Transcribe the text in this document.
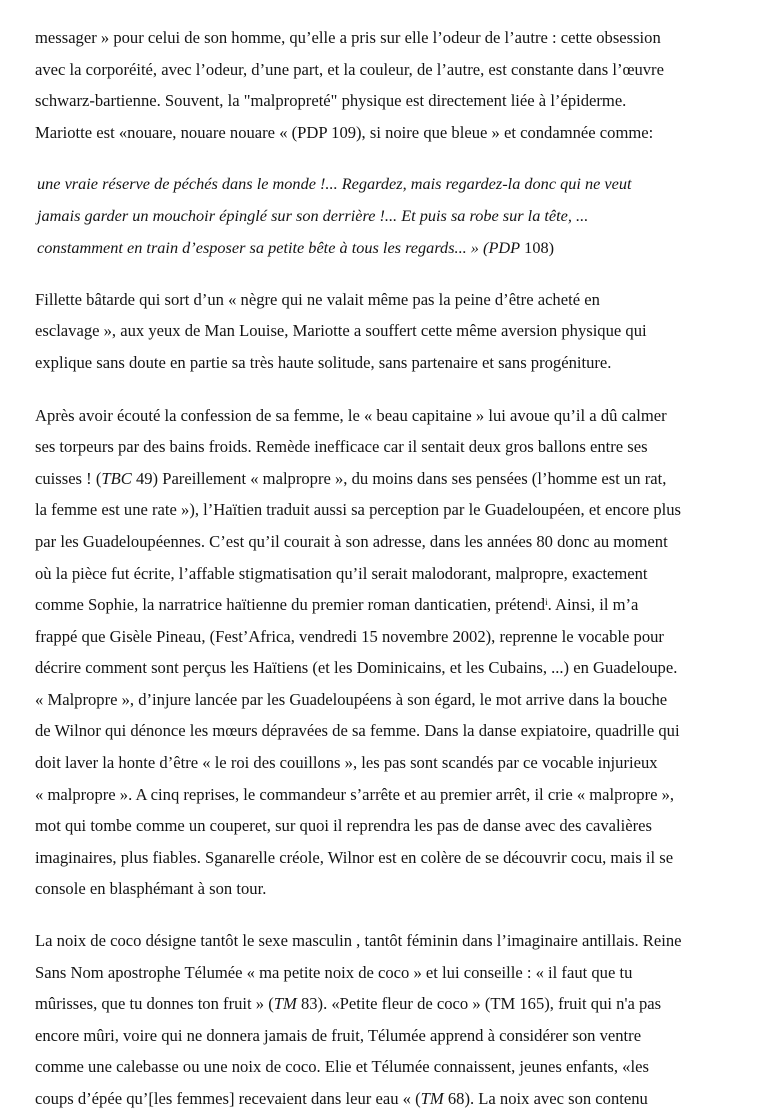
messager » pour celui de son homme, qu’elle a pris sur elle l’odeur de l’autre : cette obsession
avec la corporéité, avec l’odeur, d’une part, et la couleur, de l’autre, est constante dans l’œuvre
schwarz-bartienne. Souvent, la "malpropreté" physique est directement liée à l’épiderme.
Mariotte est «nouare, nouare nouare « (PDP 109), si noire que bleue » et condamnée comme:

une vraie réserve de péchés dans le monde !... Regardez, mais regardez-la donc qui ne veut
jamais garder un mouchoir épinglé sur son derrière !... Et puis sa robe sur la tête, ...
constamment en train d’esposer sa petite bête à tous les regards... » (PDP 108)

Fillette bâtarde qui sort d’un « nègre qui ne valait même pas la peine d’être acheté en
esclavage », aux yeux de Man Louise, Mariotte a souffert cette même aversion physique qui
explique sans doute en partie sa très haute solitude, sans partenaire et sans progéniture.

Après avoir écouté la confession de sa femme, le « beau capitaine » lui avoue qu’il a dû calmer
ses torpeurs par des bains froids. Remède inefficace car il sentait deux gros ballons entre ses
cuisses ! (TBC 49) Pareillement « malpropre », du moins dans ses pensées (l’homme est un rat,
la femme est une rate »), l’Haïtien traduit aussi sa perception par le Guadeloupéen, et encore plus
par les Guadeloupéennes. C’est qu’il courait à son adresse, dans les années 80 donc au moment
où la pièce fut écrite, l’affable stigmatisation qu’il serait malodorant, malpropre, exactement
comme Sophie, la narratrice haïtienne du premier roman danticatien, prétend$^i$. Ainsi, il m’a
frappé que Gisèle Pineau, (Fest’Africa, vendredi 15 novembre 2002), reprenne le vocable pour
décrire comment sont perçus les Haïtiens (et les Dominicains, et les Cubains, ...) en Guadeloupe.
« Malpropre », d’injure lancée par les Guadeloupéens à son égard, le mot arrive dans la bouche
de Wilnor qui dénonce les mœurs dépravées de sa femme. Dans la danse expiatoire, quadrille qui
doit laver la honte d’être « le roi des couillons », les pas sont scandés par ce vocable injurieux
« malpropre ». A cinq reprises, le commandeur s’arrête et au premier arrêt, il crie « malpropre »,
mot qui tombe comme un couperet, sur quoi il reprendra les pas de danse avec des cavalières
imaginaires, plus fiables. Sganarelle créole, Wilnor est en colère de se découvrir cocu, mais il se
console en blasphémant à son tour.

La noix de coco désigne tantôt le sexe masculin , tantôt féminin dans l’imaginaire antillais. Reine
Sans Nom apostrophe Télumée « ma petite noix de coco » et lui conseille : « il faut que tu
mûrisses, que tu donnes ton fruit » (TM 83). «Petite fleur de coco » (TM 165), fruit qui n'a pas
encore mûri, voire qui ne donnera jamais de fruit, Télumée apprend à considérer son ventre
comme une calebasse ou une noix de coco. Elie et Télumée connaissent, jeunes enfants, «les
coups d’épée qu’[les femmes] recevaient dans leur eau « (TM 68). La noix avec son contenu
